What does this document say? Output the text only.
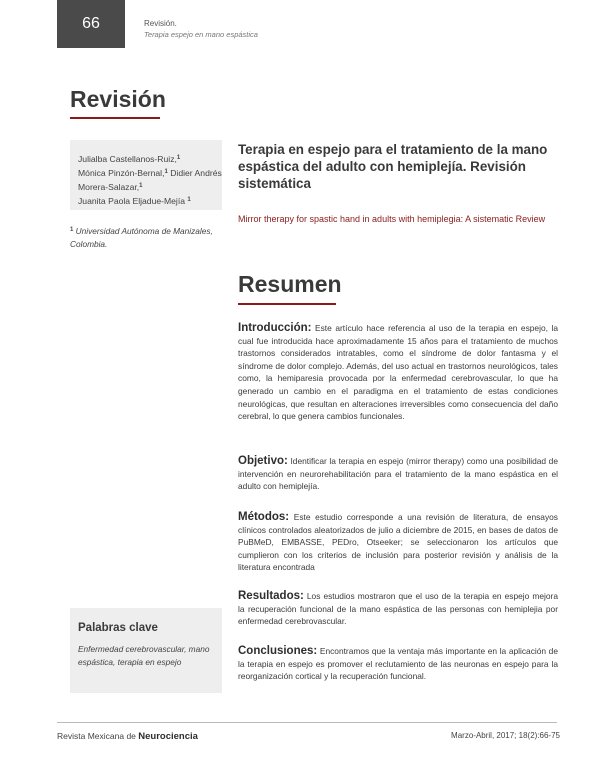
66	Revisión.
Terapia espejo en mano espástica
Revisión
Julialba Castellanos-Ruiz,$^1$
Mónica Pinzón-Bernal,$^1$ Didier Andrés Morera-Salazar,$^1$
Juanita Paola Eljadue-Mejía $^1$
$^1$ Universidad Autónoma de Manizales, Colombia.
Terapia en espejo para el tratamiento de la mano espástica del adulto con hemiplejía. Revisión sistemática
Mirror therapy for spastic hand in adults with hemiplegia: A sistematic Review
Resumen
Introducción: Este artículo hace referencia al uso de la terapia en espejo, la cual fue introducida hace aproximadamente 15 años para el tratamiento de muchos trastornos considerados intratables, como el síndrome de dolor fantasma y el síndrome de dolor complejo. Además, del uso actual en trastornos neurológicos, tales como, la hemiparesia provocada por la enfermedad cerebrovascular, lo que ha generado un cambio en el paradigma en el tratamiento de estas condiciones neurológicas, que resultan en alteraciones irreversibles como consecuencia del daño cerebral, lo que genera cambios funcionales.
Objetivo: Identificar la terapia en espejo (mirror therapy) como una posibilidad de intervención en neurorehabilitación para el tratamiento de la mano espástica en el adulto con hemiplejía.
Métodos: Este estudio corresponde a una revisión de literatura, de ensayos clínicos controlados aleatorizados de julio a diciembre de 2015, en bases de datos de PuBMeD, EMBASSE, PEDro, Otseeker; se seleccionaron los artículos que cumplieron con los criterios de inclusión para posterior revisión y análisis de la literatura encontrada
Resultados: Los estudios mostraron que el uso de la terapia en espejo mejora la recuperación funcional de la mano espástica de las personas con hemiplejia por enfermedad cerebrovascular.
Conclusiones: Encontramos que la ventaja más importante en la aplicación de la terapia en espejo es promover el reclutamiento de las neuronas en espejo para la reorganización cortical y la recuperación funcional.
Palabras clave
Enfermedad cerebrovascular, mano espástica, terapia en espejo
Revista Mexicana de Neurociencia	Marzo-Abril, 2017; 18(2):66-75
